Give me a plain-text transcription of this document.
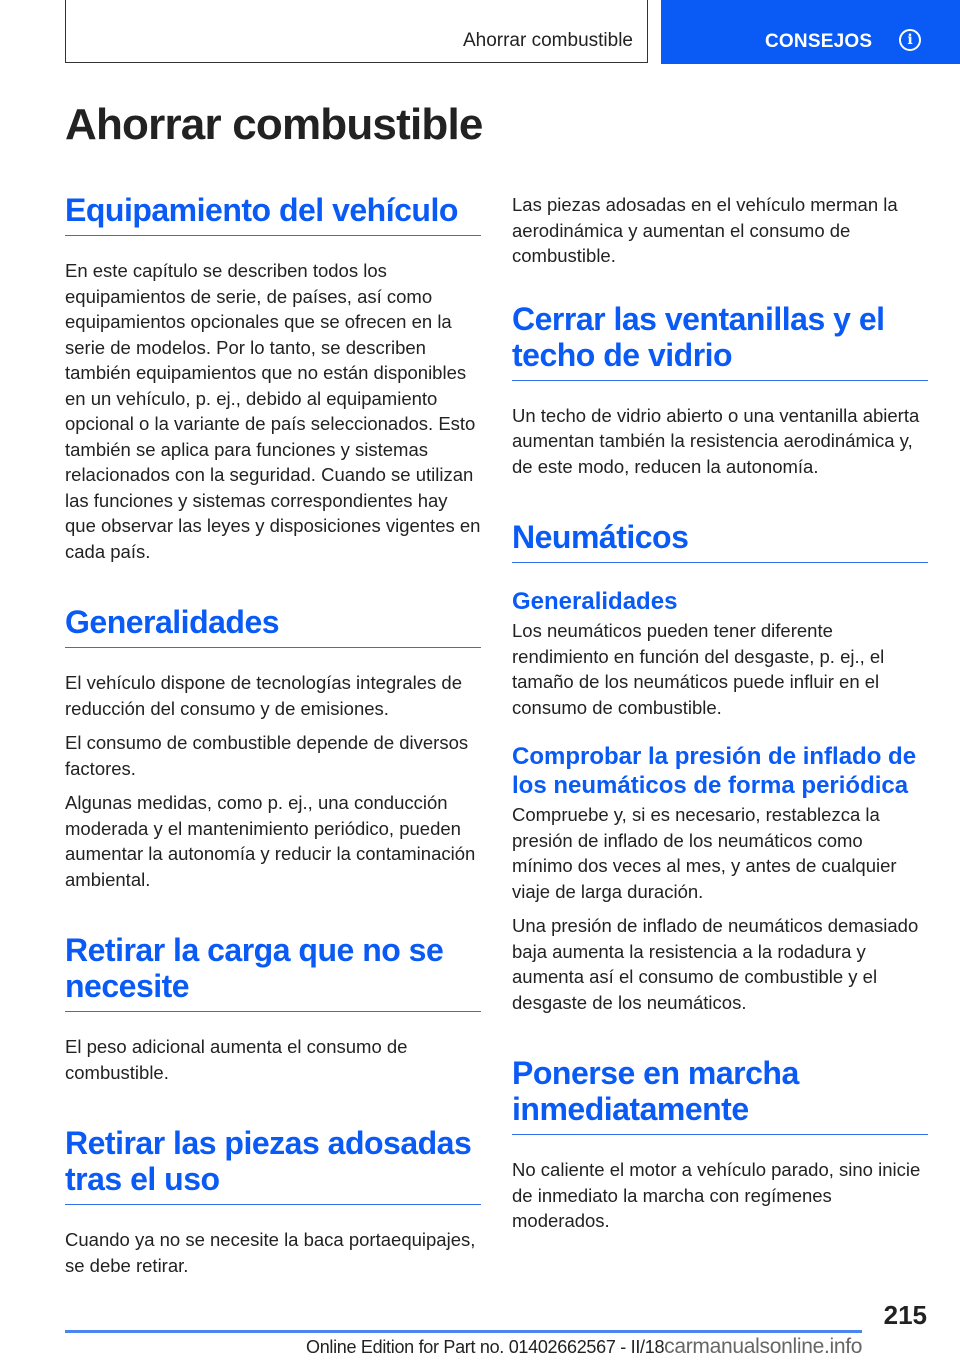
Ahorrar combustible	CONSEJOS	i
Ahorrar combustible
Equipamiento del vehículo

En este capítulo se describen todos los equipamientos de serie, de países, así como equipamientos opcionales que se ofrecen en la serie de modelos. Por lo tanto, se describen también equipamientos que no están disponibles en un vehículo, p. ej., debido al equipamiento opcional o la variante de país seleccionados. Esto también se aplica para funciones y sistemas relacionados con la seguridad. Cuando se utilizan las funciones y sistemas correspondientes hay que observar las leyes y disposiciones vigentes en cada país.

Generalidades

El vehículo dispone de tecnologías integrales de reducción del consumo y de emisiones.

El consumo de combustible depende de diversos factores.

Algunas medidas, como p. ej., una conducción moderada y el mantenimiento periódico, pueden aumentar la autonomía y reducir la contaminación ambiental.

Retirar la carga que no se necesite

El peso adicional aumenta el consumo de combustible.

Retirar las piezas adosadas tras el uso

Cuando ya no se necesite la baca portaequipajes, se debe retirar.

Las piezas adosadas en el vehículo merman la aerodinámica y aumentan el consumo de combustible.

Cerrar las ventanillas y el techo de vidrio

Un techo de vidrio abierto o una ventanilla abierta aumentan también la resistencia aerodinámica y, de este modo, reducen la autonomía.

Neumáticos
Generalidades

Los neumáticos pueden tener diferente rendimiento en función del desgaste, p. ej., el tamaño de los neumáticos puede influir en el consumo de combustible.

Comprobar la presión de inflado de los neumáticos de forma periódica

Compruebe y, si es necesario, restablezca la presión de inflado de los neumáticos como mínimo dos veces al mes, y antes de cualquier viaje de larga duración.

Una presión de inflado de neumáticos demasiado baja aumenta la resistencia a la rodadura y aumenta así el consumo de combustible y el desgaste de los neumáticos.

Ponerse en marcha inmediatamente

No caliente el motor a vehículo parado, sino inicie de inmediato la marcha con regímenes moderados.

215
Online Edition for Part no. 01402662567 - II/18carmanualsonline.info
